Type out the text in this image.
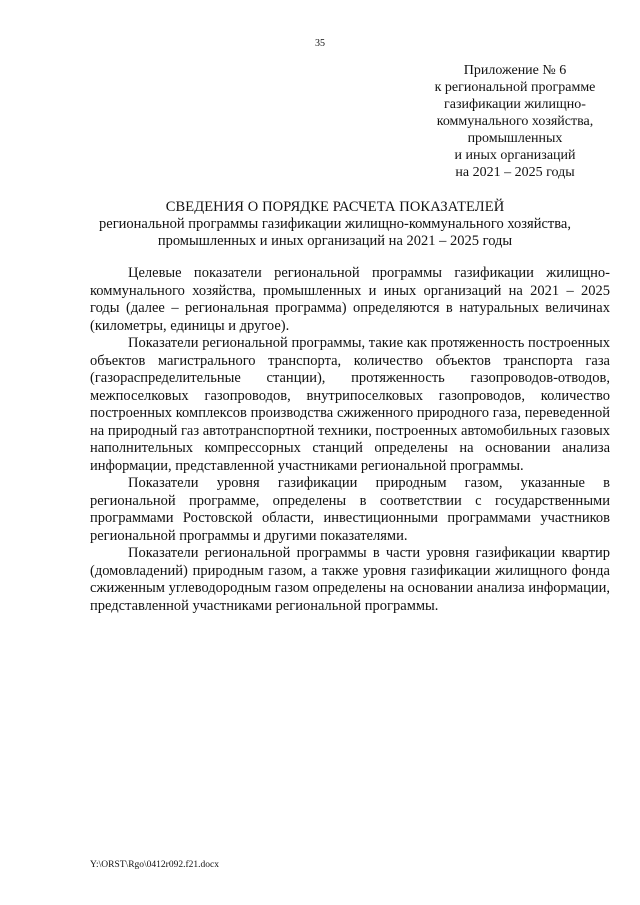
35
Приложение № 6
к региональной программе
газификации жилищно-
коммунального хозяйства,
промышленных
и иных организаций
на 2021 – 2025 годы
СВЕДЕНИЯ О ПОРЯДКЕ РАСЧЕТА ПОКАЗАТЕЛЕЙ
региональной программы газификации жилищно-коммунального хозяйства,
промышленных и иных организаций на 2021 – 2025 годы

Целевые показатели региональной программы газификации жилищно-коммунального хозяйства, промышленных и иных организаций на 2021 – 2025 годы (далее – региональная программа) определяются в натуральных величинах (километры, единицы и другое).

Показатели региональной программы, такие как протяженность построенных объектов магистрального транспорта, количество объектов транспорта газа (газораспределительные станции), протяженность газопроводов-отводов, межпоселковых газопроводов, внутрипоселковых газопроводов, количество построенных комплексов производства сжиженного природного газа, переведенной на природный газ автотранспортной техники, построенных автомобильных газовых наполнительных компрессорных станций определены на основании анализа информации, представленной участниками региональной программы.

Показатели уровня газификации природным газом, указанные в региональной программе, определены в соответствии с государственными программами Ростовской области, инвестиционными программами участников региональной программы и другими показателями.

Показатели региональной программы в части уровня газификации квартир (домовладений) природным газом, а также уровня газификации жилищного фонда сжиженным углеводородным газом определены на основании анализа информации, представленной участниками региональной программы.

Y:\ORST\Rgo\0412r092.f21.docx
